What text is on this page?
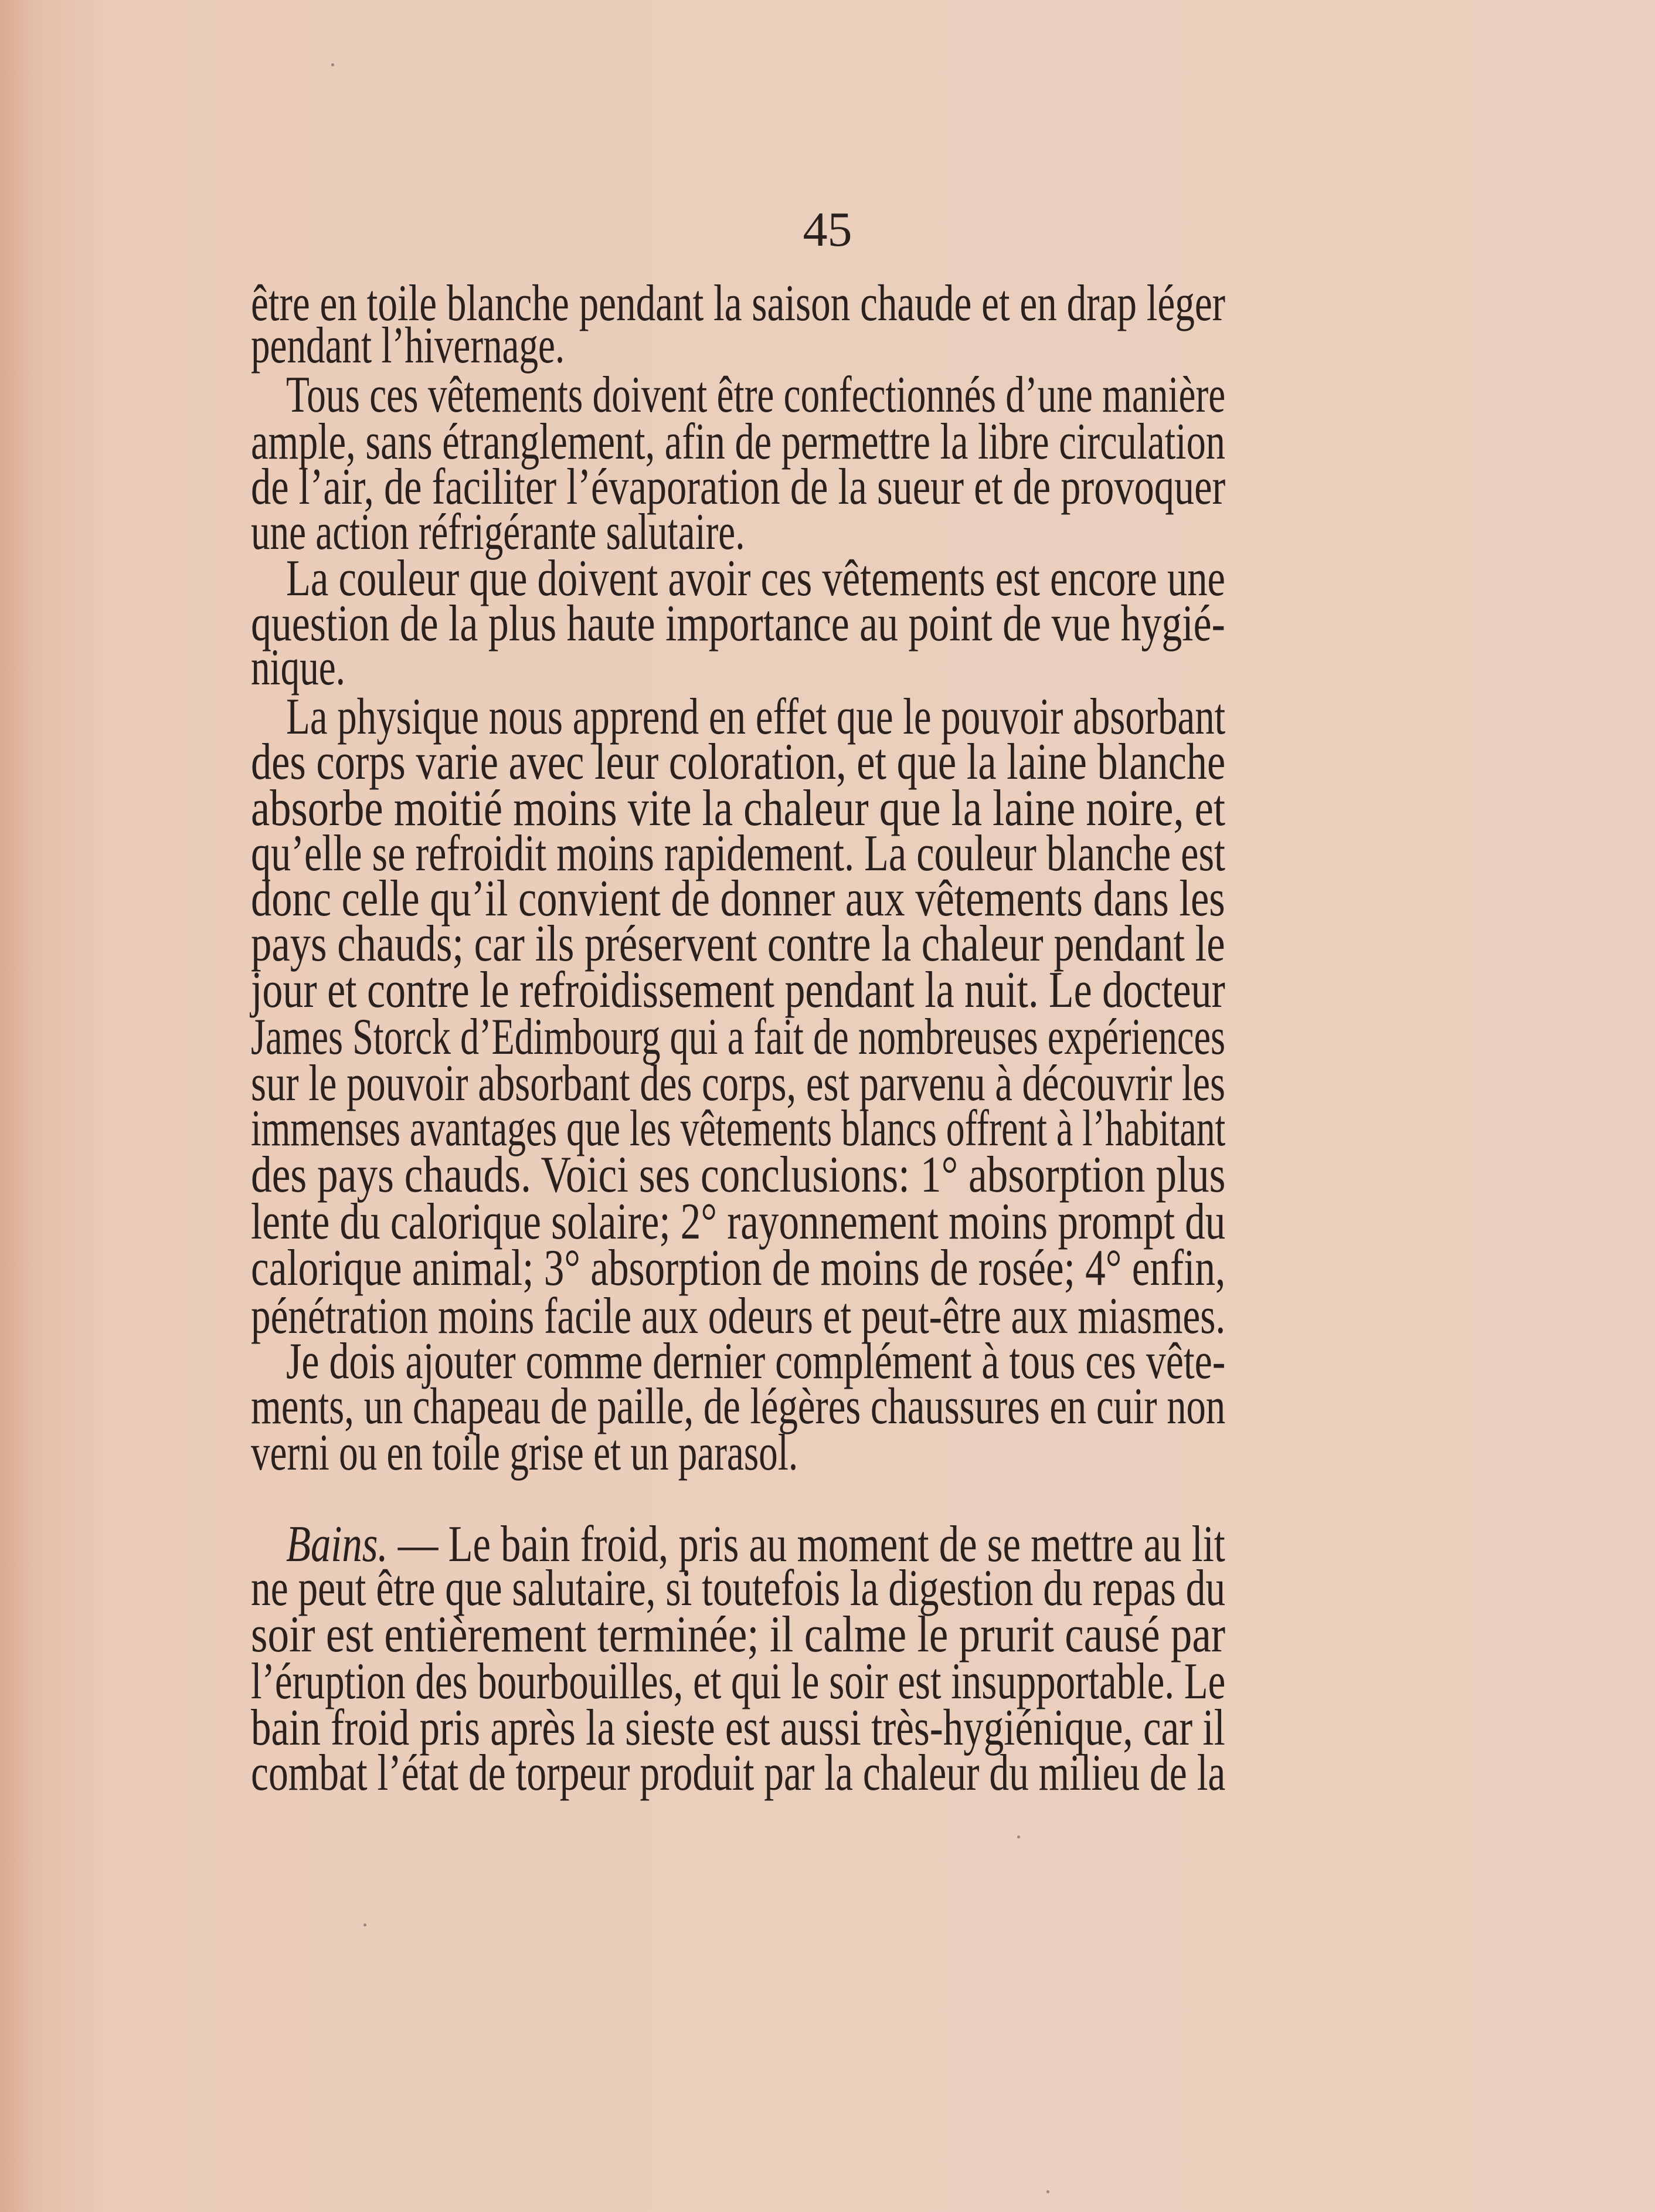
45
être en toile blanche pendant la saison chaude et en drap léger
pendant l’hivernage.
Tous ces vêtements doivent être confectionnés d’une manière
ample, sans étranglement, afin de permettre la libre circulation
de l’air, de faciliter l’évaporation de la sueur et de provoquer
une action réfrigérante salutaire.
La couleur que doivent avoir ces vêtements est encore une
question de la plus haute importance au point de vue hygié-
nique.
La physique nous apprend en effet que le pouvoir absorbant
des corps varie avec leur coloration, et que la laine blanche
absorbe moitié moins vite la chaleur que la laine noire, et
qu’elle se refroidit moins rapidement. La couleur blanche est
donc celle qu’il convient de donner aux vêtements dans les
pays chauds; car ils préservent contre la chaleur pendant le
jour et contre le refroidissement pendant la nuit. Le docteur
James Storck d’Edimbourg qui a fait de nombreuses expériences
sur le pouvoir absorbant des corps, est parvenu à découvrir les
immenses avantages que les vêtements blancs offrent à l’habitant
des pays chauds. Voici ses conclusions: 1° absorption plus
lente du calorique solaire; 2° rayonnement moins prompt du
calorique animal; 3° absorption de moins de rosée; 4° enfin,
pénétration moins facile aux odeurs et peut-être aux miasmes.
Je dois ajouter comme dernier complément à tous ces vête-
ments, un chapeau de paille, de légères chaussures en cuir non
verni ou en toile grise et un parasol.
Bains. — Le bain froid, pris au moment de se mettre au lit
ne peut être que salutaire, si toutefois la digestion du repas du
soir est entièrement terminée; il calme le prurit causé par
l’éruption des bourbouilles, et qui le soir est insupportable. Le
bain froid pris après la sieste est aussi très-hygiénique, car il
combat l’état de torpeur produit par la chaleur du milieu de la
